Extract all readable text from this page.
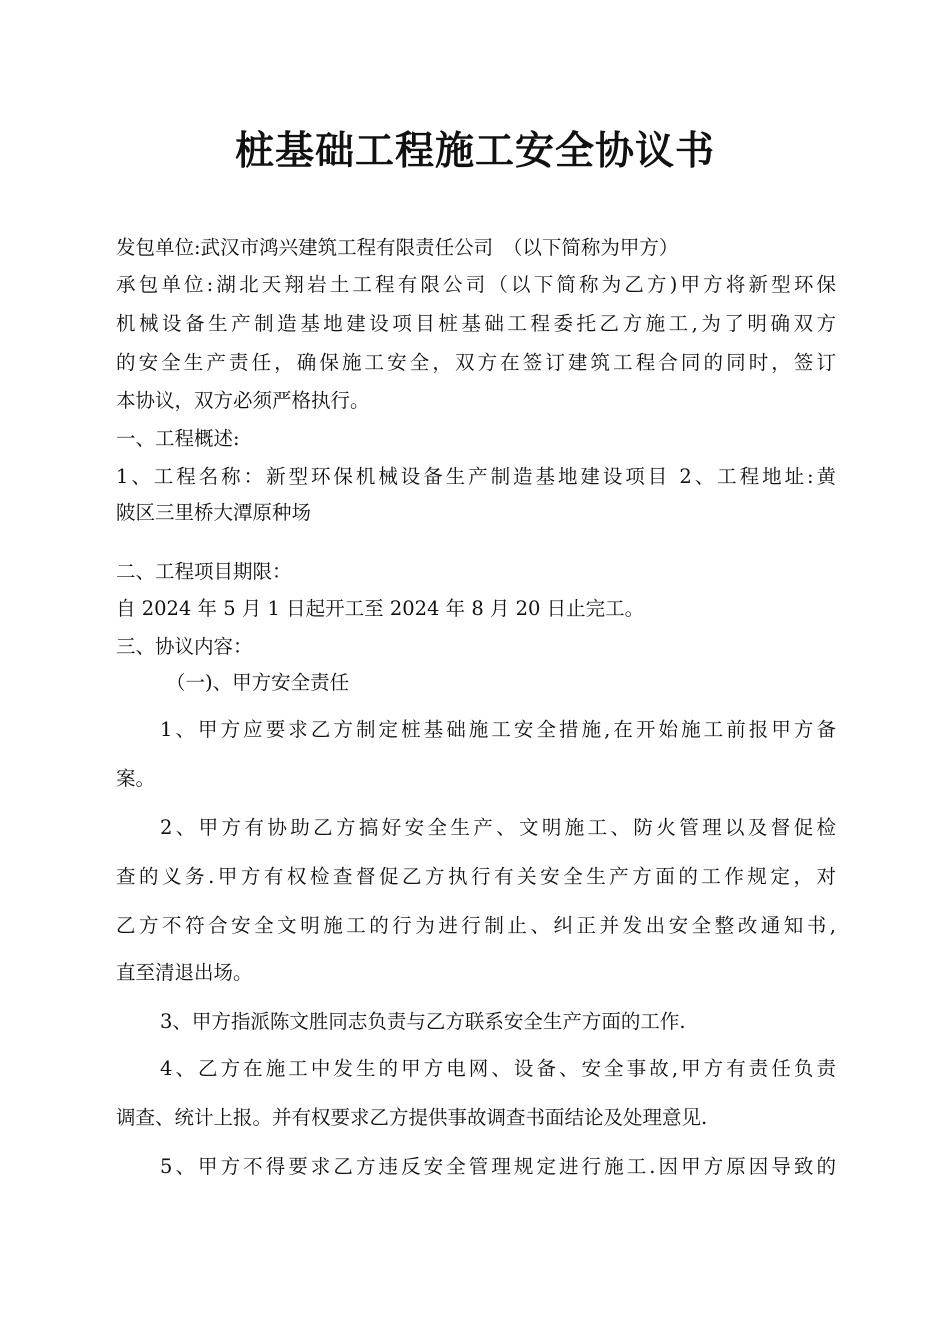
桩基础工程施工安全协议书
发包单位:武汉市鸿兴建筑工程有限责任公司　（以下简称为甲方）
承包单位:湖北天翔岩土工程有限公司（以下简称为乙方)甲方将新型环保
机械设备生产制造基地建设项目桩基础工程委托乙方施工,为了明确双方
的安全生产责任，确保施工安全，双方在签订建筑工程合同的同时，签订
本协议，双方必须严格执行。
一、工程概述:
1、工程名称：新型环保机械设备生产制造基地建设项目 2、工程地址:黄
陂区三里桥大潭原种场
二、工程项目期限：
自 2024 年 5 月 1 日起开工至 2024 年 8 月 20 日止完工。
三、协议内容：
（一)、甲方安全责任
1、甲方应要求乙方制定桩基础施工安全措施,在开始施工前报甲方备
案。
2、甲方有协助乙方搞好安全生产、文明施工、防火管理以及督促检
查的义务.甲方有权检查督促乙方执行有关安全生产方面的工作规定，对
乙方不符合安全文明施工的行为进行制止、纠正并发出安全整改通知书,
直至清退出场。
3、甲方指派陈文胜同志负责与乙方联系安全生产方面的工作.
4、乙方在施工中发生的甲方电网、设备、安全事故,甲方有责任负责
调查、统计上报。并有权要求乙方提供事故调查书面结论及处理意见.
5、甲方不得要求乙方违反安全管理规定进行施工.因甲方原因导致的
